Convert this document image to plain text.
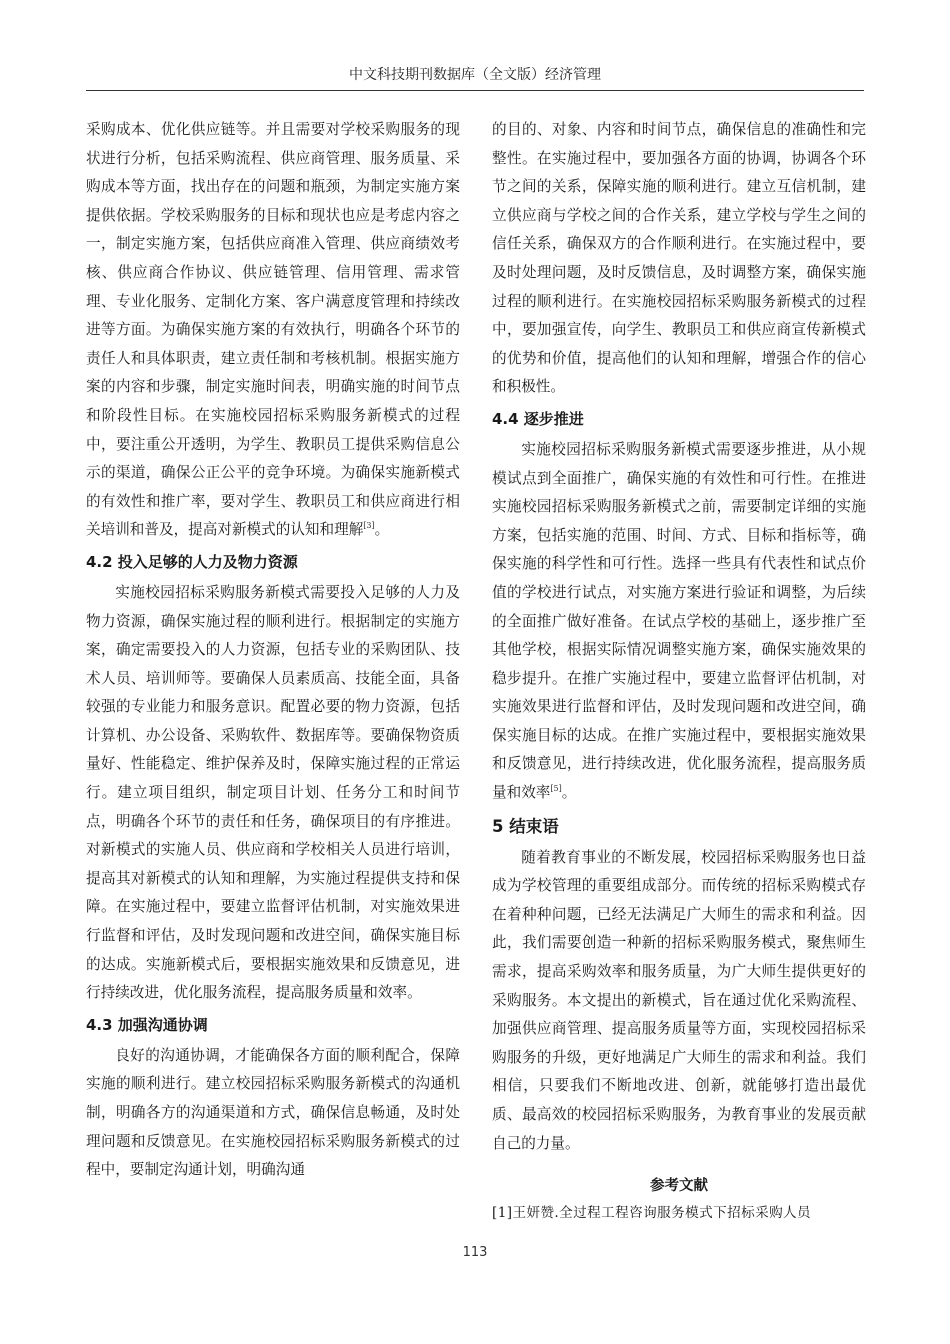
中文科技期刊数据库（全文版）经济管理

采购成本、优化供应链等。并且需要对学校采购服务的现状进行分析，包括采购流程、供应商管理、服务质量、采购成本等方面，找出存在的问题和瓶颈，为制定实施方案提供依据。学校采购服务的目标和现状也应是考虑内容之一，制定实施方案，包括供应商准入管理、供应商绩效考核、供应商合作协议、供应链管理、信用管理、需求管理、专业化服务、定制化方案、客户满意度管理和持续改进等方面。为确保实施方案的有效执行，明确各个环节的责任人和具体职责，建立责任制和考核机制。根据实施方案的内容和步骤，制定实施时间表，明确实施的时间节点和阶段性目标。在实施校园招标采购服务新模式的过程中，要注重公开透明，为学生、教职员工提供采购信息公示的渠道，确保公正公平的竞争环境。为确保实施新模式的有效性和推广率，要对学生、教职员工和供应商进行相关培训和普及，提高对新模式的认知和理解[3]。

4.2 投入足够的人力及物力资源

实施校园招标采购服务新模式需要投入足够的人力及物力资源，确保实施过程的顺利进行。根据制定的实施方案，确定需要投入的人力资源，包括专业的采购团队、技术人员、培训师等。要确保人员素质高、技能全面，具备较强的专业能力和服务意识。配置必要的物力资源，包括计算机、办公设备、采购软件、数据库等。要确保物资质量好、性能稳定、维护保养及时，保障实施过程的正常运行。建立项目组织，制定项目计划、任务分工和时间节点，明确各个环节的责任和任务，确保项目的有序推进。对新模式的实施人员、供应商和学校相关人员进行培训，提高其对新模式的认知和理解，为实施过程提供支持和保障。在实施过程中，要建立监督评估机制，对实施效果进行监督和评估，及时发现问题和改进空间，确保实施目标的达成。实施新模式后，要根据实施效果和反馈意见，进行持续改进，优化服务流程，提高服务质量和效率。

4.3 加强沟通协调

良好的沟通协调，才能确保各方面的顺利配合，保障实施的顺利进行。建立校园招标采购服务新模式的沟通机制，明确各方的沟通渠道和方式，确保信息畅通，及时处理问题和反馈意见。在实施校园招标采购服务新模式的过程中，要制定沟通计划，明确沟通

的目的、对象、内容和时间节点，确保信息的准确性和完整性。在实施过程中，要加强各方面的协调，协调各个环节之间的关系，保障实施的顺利进行。建立互信机制，建立供应商与学校之间的合作关系，建立学校与学生之间的信任关系，确保双方的合作顺利进行。在实施过程中，要及时处理问题，及时反馈信息，及时调整方案，确保实施过程的顺利进行。在实施校园招标采购服务新模式的过程中，要加强宣传，向学生、教职员工和供应商宣传新模式的优势和价值，提高他们的认知和理解，增强合作的信心和积极性。

4.4 逐步推进

实施校园招标采购服务新模式需要逐步推进，从小规模试点到全面推广，确保实施的有效性和可行性。在推进实施校园招标采购服务新模式之前，需要制定详细的实施方案，包括实施的范围、时间、方式、目标和指标等，确保实施的科学性和可行性。选择一些具有代表性和试点价值的学校进行试点，对实施方案进行验证和调整，为后续的全面推广做好准备。在试点学校的基础上，逐步推广至其他学校，根据实际情况调整实施方案，确保实施效果的稳步提升。在推广实施过程中，要建立监督评估机制，对实施效果进行监督和评估，及时发现问题和改进空间，确保实施目标的达成。在推广实施过程中，要根据实施效果和反馈意见，进行持续改进，优化服务流程，提高服务质量和效率[5]。

5 结束语

随着教育事业的不断发展，校园招标采购服务也日益成为学校管理的重要组成部分。而传统的招标采购模式存在着种种问题，已经无法满足广大师生的需求和利益。因此，我们需要创造一种新的招标采购服务模式，聚焦师生需求，提高采购效率和服务质量，为广大师生提供更好的采购服务。本文提出的新模式，旨在通过优化采购流程、加强供应商管理、提高服务质量等方面，实现校园招标采购服务的升级，更好地满足广大师生的需求和利益。我们相信，只要我们不断地改进、创新，就能够打造出最优质、最高效的校园招标采购服务，为教育事业的发展贡献自己的力量。

参考文献
[1]王妍赞.全过程工程咨询服务模式下招标采购人员
113
